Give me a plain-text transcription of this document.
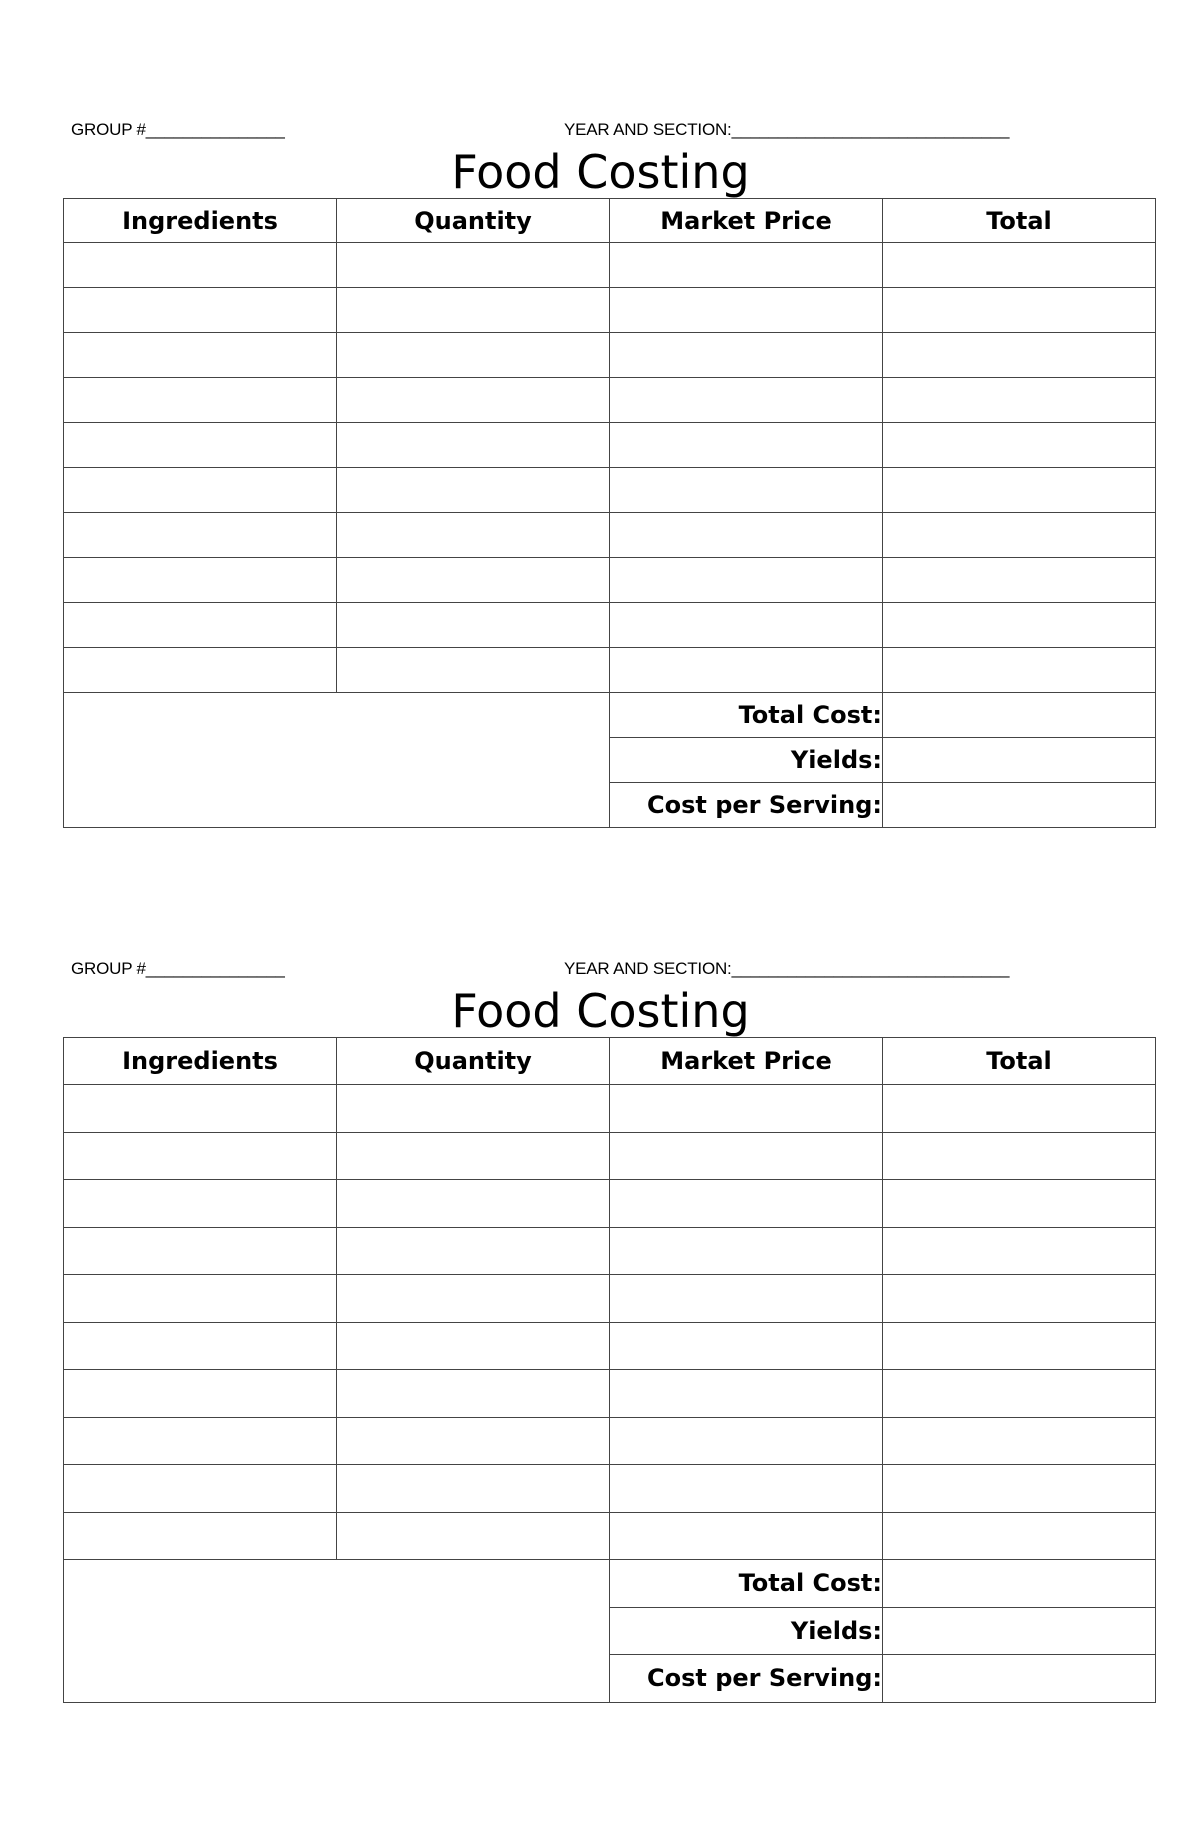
GROUP #_______________	YEAR AND SECTION:______________________________
Food Costing
Ingredients	Quantity	Market Price	Total

		Total Cost:	
		Yields:	
		Cost per Serving:	
GROUP #_______________	YEAR AND SECTION:______________________________
Food Costing
Ingredients	Quantity	Market Price	Total

		Total Cost:	
		Yields:	
		Cost per Serving:	
